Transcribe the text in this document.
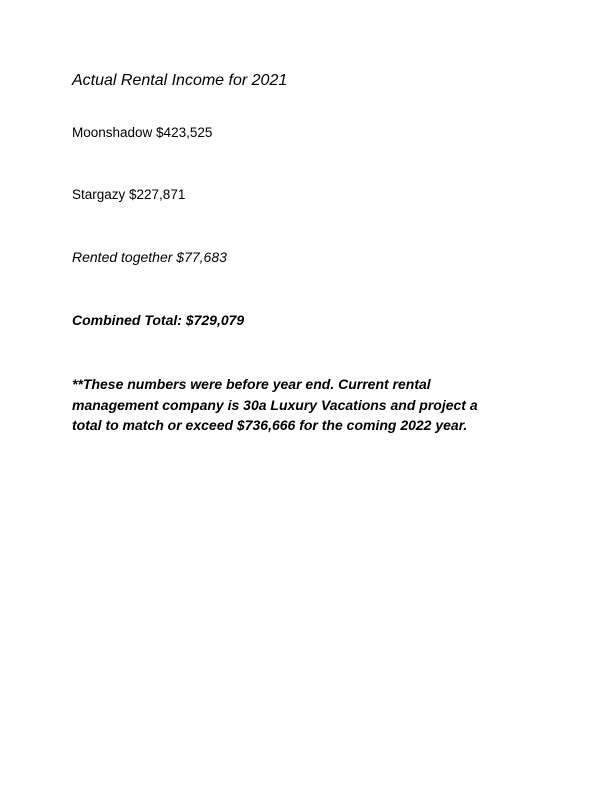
Actual Rental Income for 2021

Moonshadow $423,525

Stargazy $227,871

Rented together $77,683

Combined Total: $729,079

**These numbers were before year end. Current rental
management company is 30a Luxury Vacations and project a
total to match or exceed $736,666 for the coming 2022 year.
